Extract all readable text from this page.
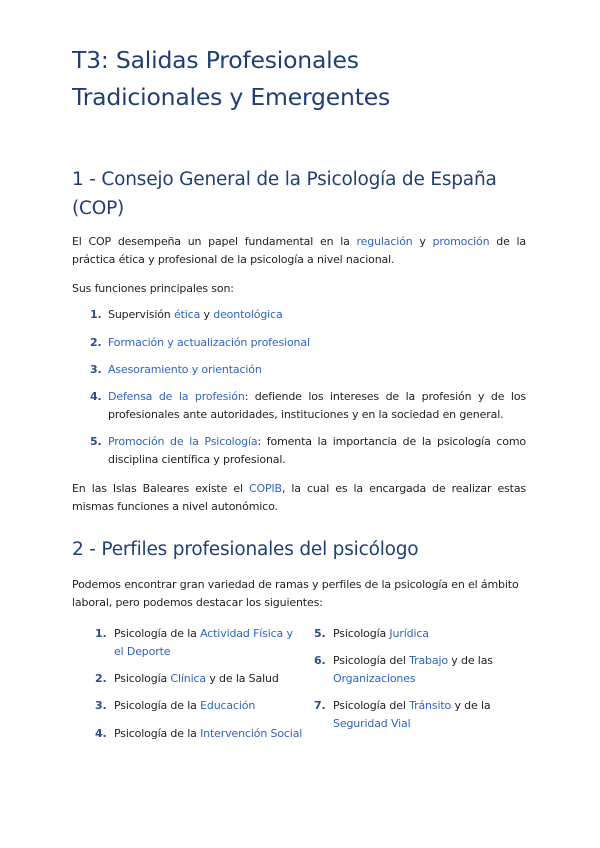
T3: Salidas Profesionales
Tradicionales y Emergentes
1 - Consejo General de la Psicología de España
(COP)

El COP desempeña un papel fundamental en la regulación y promoción de la práctica ética y profesional de la psicología a nivel nacional.

Sus funciones principales son:

1. Supervisión ética y deontológica
2. Formación y actualización profesional
3. Asesoramiento y orientación
4. Defensa de la profesión: defiende los intereses de la profesión y de los profesionales ante autoridades, instituciones y en la sociedad en general.
5. Promoción de la Psicología: fomenta la importancia de la psicología como disciplina científica y profesional.

En las Islas Baleares existe el COPIB, la cual es la encargada de realizar estas mismas funciones a nivel autonómico.

2 - Perfiles profesionales del psicólogo

Podemos encontrar gran variedad de ramas y perfiles de la psicología en el ámbito laboral, pero podemos destacar los siguientes:

1. Psicología de la Actividad Física y el Deporte
2. Psicología Clínica y de la Salud
3. Psicología de la Educación
4. Psicología de la Intervención Social
5. Psicología Jurídica
6. Psicología del Trabajo y de las Organizaciones
7. Psicología del Tránsito y de la Seguridad Vial
